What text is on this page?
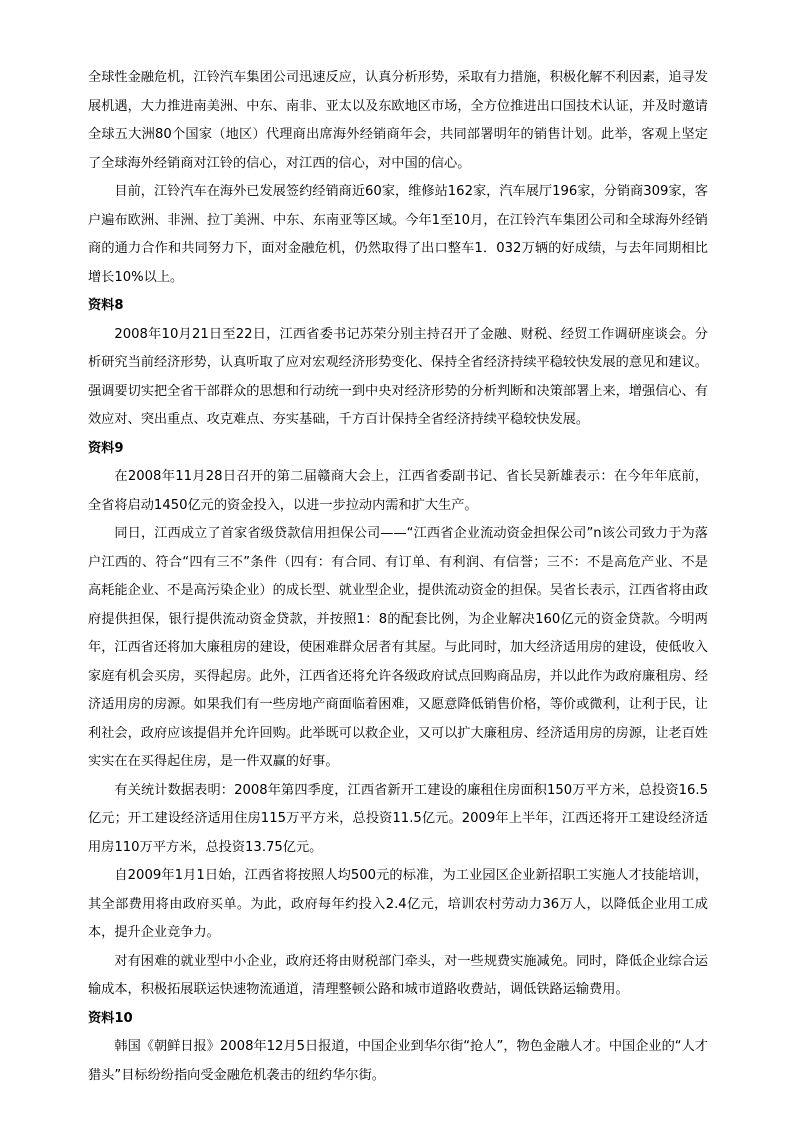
全球性金融危机，江铃汽车集团公司迅速反应，认真分析形势，采取有力措施，积极化解不利因素，追寻发展机遇，大力推进南美洲、中东、南非、亚太以及东欧地区市场，全方位推进出口国技术认证，并及时邀请全球五大洲80个国家（地区）代理商出席海外经销商年会，共同部署明年的销售计划。此举，客观上坚定了全球海外经销商对江铃的信心，对江西的信心，对中国的信心。

目前，江铃汽车在海外已发展签约经销商近60家，维修站162家，汽车展厅196家，分销商309家，客户遍布欧洲、非洲、拉丁美洲、中东、东南亚等区域。今年1至10月，在江铃汽车集团公司和全球海外经销商的通力合作和共同努力下，面对金融危机，仍然取得了出口整车1．032万辆的好成绩，与去年同期相比增长10%以上。

资料8

2008年10月21日至22日，江西省委书记苏荣分别主持召开了金融、财税、经贸工作调研座谈会。分析研究当前经济形势，认真听取了应对宏观经济形势变化、保持全省经济持续平稳较快发展的意见和建议。强调要切实把全省干部群众的思想和行动统一到中央对经济形势的分析判断和决策部署上来，增强信心、有效应对、突出重点、攻克难点、夯实基础，千方百计保持全省经济持续平稳较快发展。

资料9

在2008年11月28日召开的第二届赣商大会上，江西省委副书记、省长吴新雄表示：在今年年底前，全省将启动1450亿元的资金投入，以进一步拉动内需和扩大生产。

同日，江西成立了首家省级贷款信用担保公司——“江西省企业流动资金担保公司”n该公司致力于为落户江西的、符合“四有三不”条件（四有：有合同、有订单、有利润、有信誉；三不：不是高危产业、不是高耗能企业、不是高污染企业）的成长型、就业型企业，提供流动资金的担保。吴省长表示，江西省将由政府提供担保，银行提供流动资金贷款，并按照1：8的配套比例，为企业解决160亿元的资金贷款。今明两年，江西省还将加大廉租房的建设，使困难群众居者有其屋。与此同时，加大经济适用房的建设，使低收入家庭有机会买房，买得起房。此外，江西省还将允许各级政府试点回购商品房，并以此作为政府廉租房、经济适用房的房源。如果我们有一些房地产商面临着困难，又愿意降低销售价格，等价或微利，让利于民，让利社会，政府应该提倡并允许回购。此举既可以救企业，又可以扩大廉租房、经济适用房的房源，让老百姓实实在在买得起住房，是一件双赢的好事。

有关统计数据表明：2008年第四季度，江西省新开工建设的廉租住房面积150万平方米，总投资16.5亿元；开工建设经济适用住房115万平方米，总投资11.5亿元。2009年上半年，江西还将开工建设经济适用房110万平方米，总投资13.75亿元。

自2009年1月1日始，江西省将按照人均500元的标准，为工业园区企业新招职工实施人才技能培训，其全部费用将由政府买单。为此，政府每年约投入2.4亿元，培训农村劳动力36万人，以降低企业用工成本，提升企业竞争力。

对有困难的就业型中小企业，政府还将由财税部门牵头，对一些规费实施减免。同时，降低企业综合运输成本，积极拓展联运快速物流通道，清理整顿公路和城市道路收费站，调低铁路运输费用。

资料10

韩国《朝鲜日报》2008年12月5日报道，中国企业到华尔街“抢人”，物色金融人才。中国企业的“人才猎头”目标纷纷指向受金融危机袭击的纽约华尔街。
